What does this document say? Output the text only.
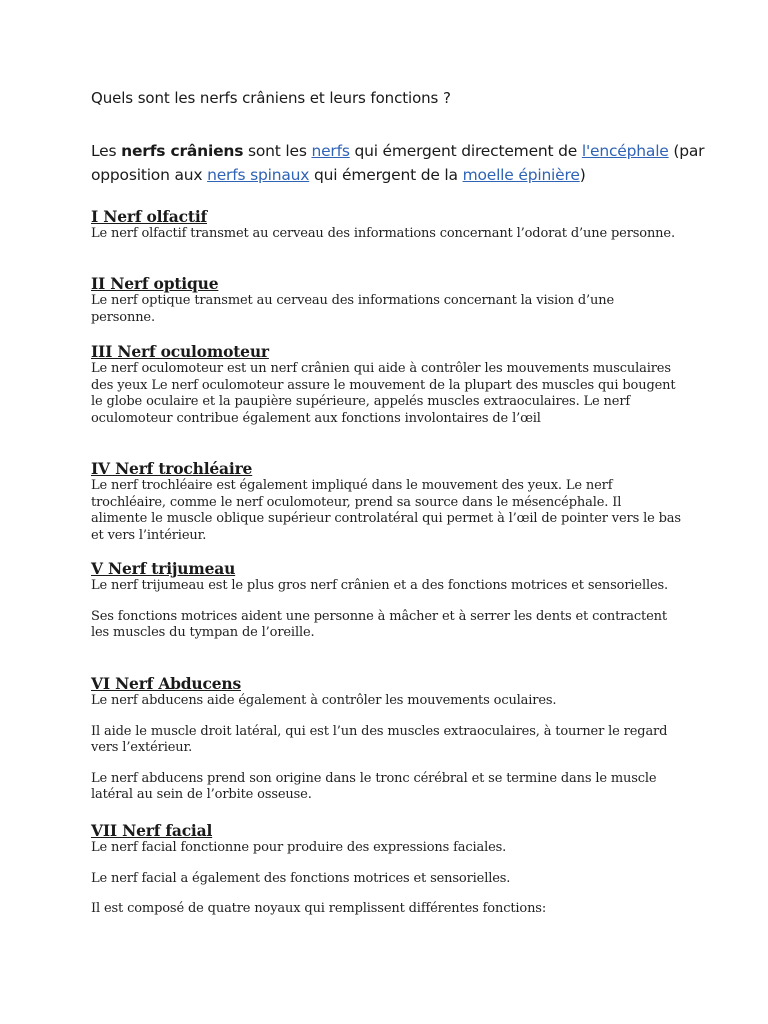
Quels sont les nerfs crâniens et leurs fonctions ?

Les nerfs crâniens sont les nerfs qui émergent directement de l'encéphale (par opposition aux nerfs spinaux qui émergent de la moelle épinière)

I Nerf olfactif

Le nerf olfactif transmet au cerveau des informations concernant l’odorat d’une personne.

II Nerf optique

Le nerf optique transmet au cerveau des informations concernant la vision d’une personne.

III Nerf oculomoteur

Le nerf oculomoteur est un nerf crânien qui aide à contrôler les mouvements musculaires des yeux Le nerf oculomoteur assure le mouvement de la plupart des muscles qui bougent le globe oculaire et la paupière supérieure, appelés muscles extraoculaires. Le nerf oculomoteur contribue également aux fonctions involontaires de l’œil

IV Nerf trochléaire

Le nerf trochléaire est également impliqué dans le mouvement des yeux. Le nerf trochléaire, comme le nerf oculomoteur, prend sa source dans le mésencéphale. Il alimente le muscle oblique supérieur controlatéral qui permet à l’œil de pointer vers le bas et vers l’intérieur.

V Nerf trijumeau

Le nerf trijumeau est le plus gros nerf crânien et a des fonctions motrices et sensorielles.

Ses fonctions motrices aident une personne à mâcher et à serrer les dents et contractent les muscles du tympan de l’oreille.

VI Nerf Abducens

Le nerf abducens aide également à contrôler les mouvements oculaires.

Il aide le muscle droit latéral, qui est l’un des muscles extraoculaires, à tourner le regard vers l’extérieur.

Le nerf abducens prend son origine dans le tronc cérébral et se termine dans le muscle latéral au sein de l’orbite osseuse.

VII Nerf facial

Le nerf facial fonctionne pour produire des expressions faciales.

Le nerf facial a également des fonctions motrices et sensorielles.

Il est composé de quatre noyaux qui remplissent différentes fonctions:
